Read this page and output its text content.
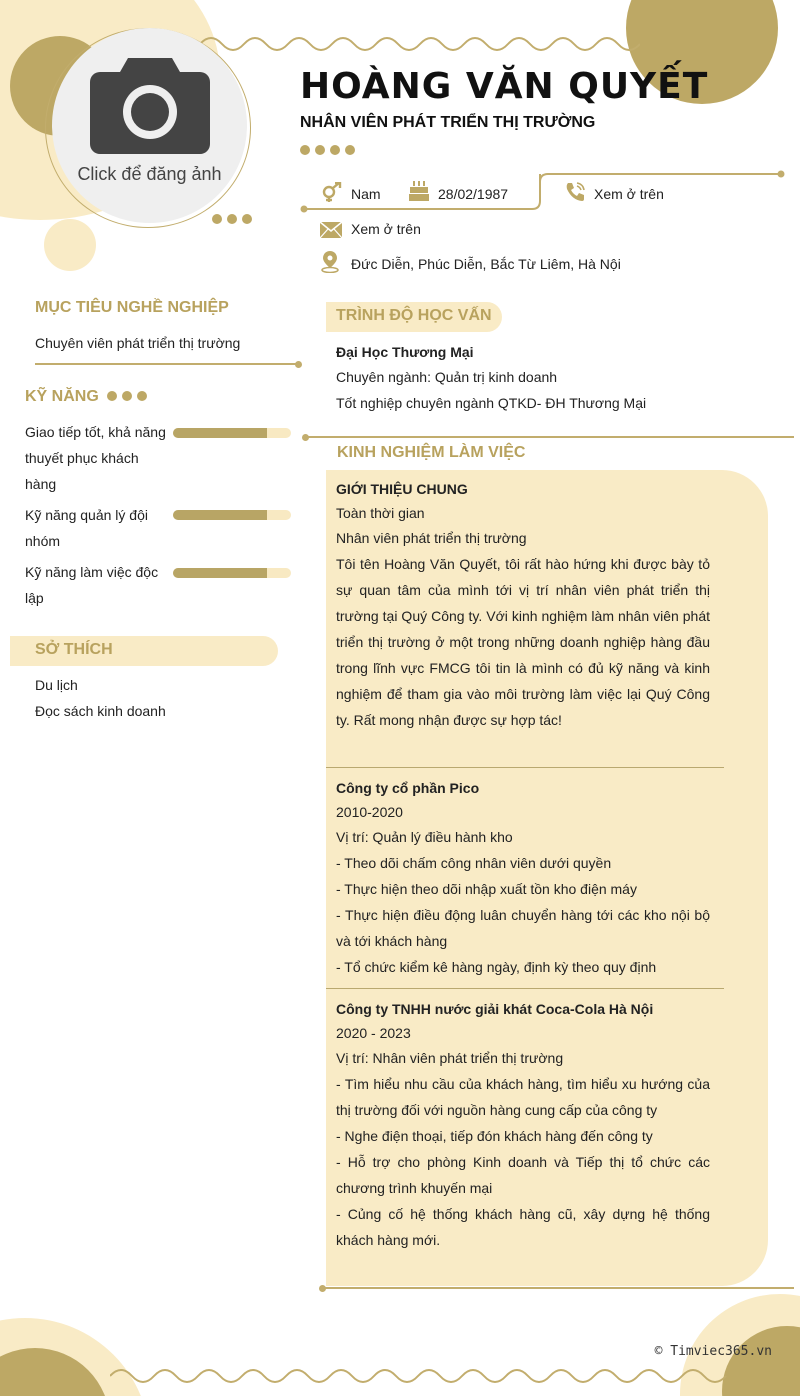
Click để đăng ảnh
HOÀNG VĂN QUYẾT
NHÂN VIÊN PHÁT TRIỂN THỊ TRƯỜNG
Nam	28/02/1987	Xem ở trên
Xem ở trên
Đức Diễn, Phúc Diễn, Bắc Từ Liêm, Hà Nội
MỤC TIÊU NGHỀ NGHIỆP
Chuyên viên phát triển thị trường
KỸ NĂNG
Giao tiếp tốt, khả năng thuyết phục khách hàng
Kỹ năng quản lý đội nhóm
Kỹ năng làm việc độc lập
SỞ THÍCH
Du lịch
Đọc sách kinh doanh
TRÌNH ĐỘ HỌC VẤN
Đại Học Thương Mại
Chuyên ngành: Quản trị kinh doanh
Tốt nghiệp chuyên ngành QTKD- ĐH Thương Mại
KINH NGHIỆM LÀM VIỆC
GIỚI THIỆU CHUNG
Toàn thời gian
Nhân viên phát triển thị trường
Tôi tên Hoàng Văn Quyết, tôi rất hào hứng khi được bày tỏ sự quan tâm của mình tới vị trí nhân viên phát triển thị trường tại Quý Công ty. Với kinh nghiệm làm nhân viên phát triển thị trường ở một trong những doanh nghiệp hàng đầu trong lĩnh vực FMCG tôi tin là mình có đủ kỹ năng và kinh nghiệm để tham gia vào môi trường làm việc lại Quý Công ty. Rất mong nhận được sự hợp tác!
Công ty cổ phần Pico
2010-2020
Vị trí: Quản lý điều hành kho
- Theo dõi chấm công nhân viên dưới quyền
- Thực hiện theo dõi nhập xuất tồn kho điện máy
- Thực hiện điều động luân chuyển hàng tới các kho nội bộ và tới khách hàng
- Tổ chức kiểm kê hàng ngày, định kỳ theo quy định
Công ty TNHH nước giải khát Coca-Cola Hà Nội
2020 - 2023
Vị trí: Nhân viên phát triển thị trường
- Tìm hiểu nhu cầu của khách hàng, tìm hiểu xu hướng của thị trường đối với nguồn hàng cung cấp của công ty
- Nghe điện thoại, tiếp đón khách hàng đến công ty
- Hỗ trợ cho phòng Kinh doanh và Tiếp thị tổ chức các chương trình khuyến mại
- Củng cố hệ thống khách hàng cũ, xây dựng hệ thống khách hàng mới.
© Timviec365.vn
